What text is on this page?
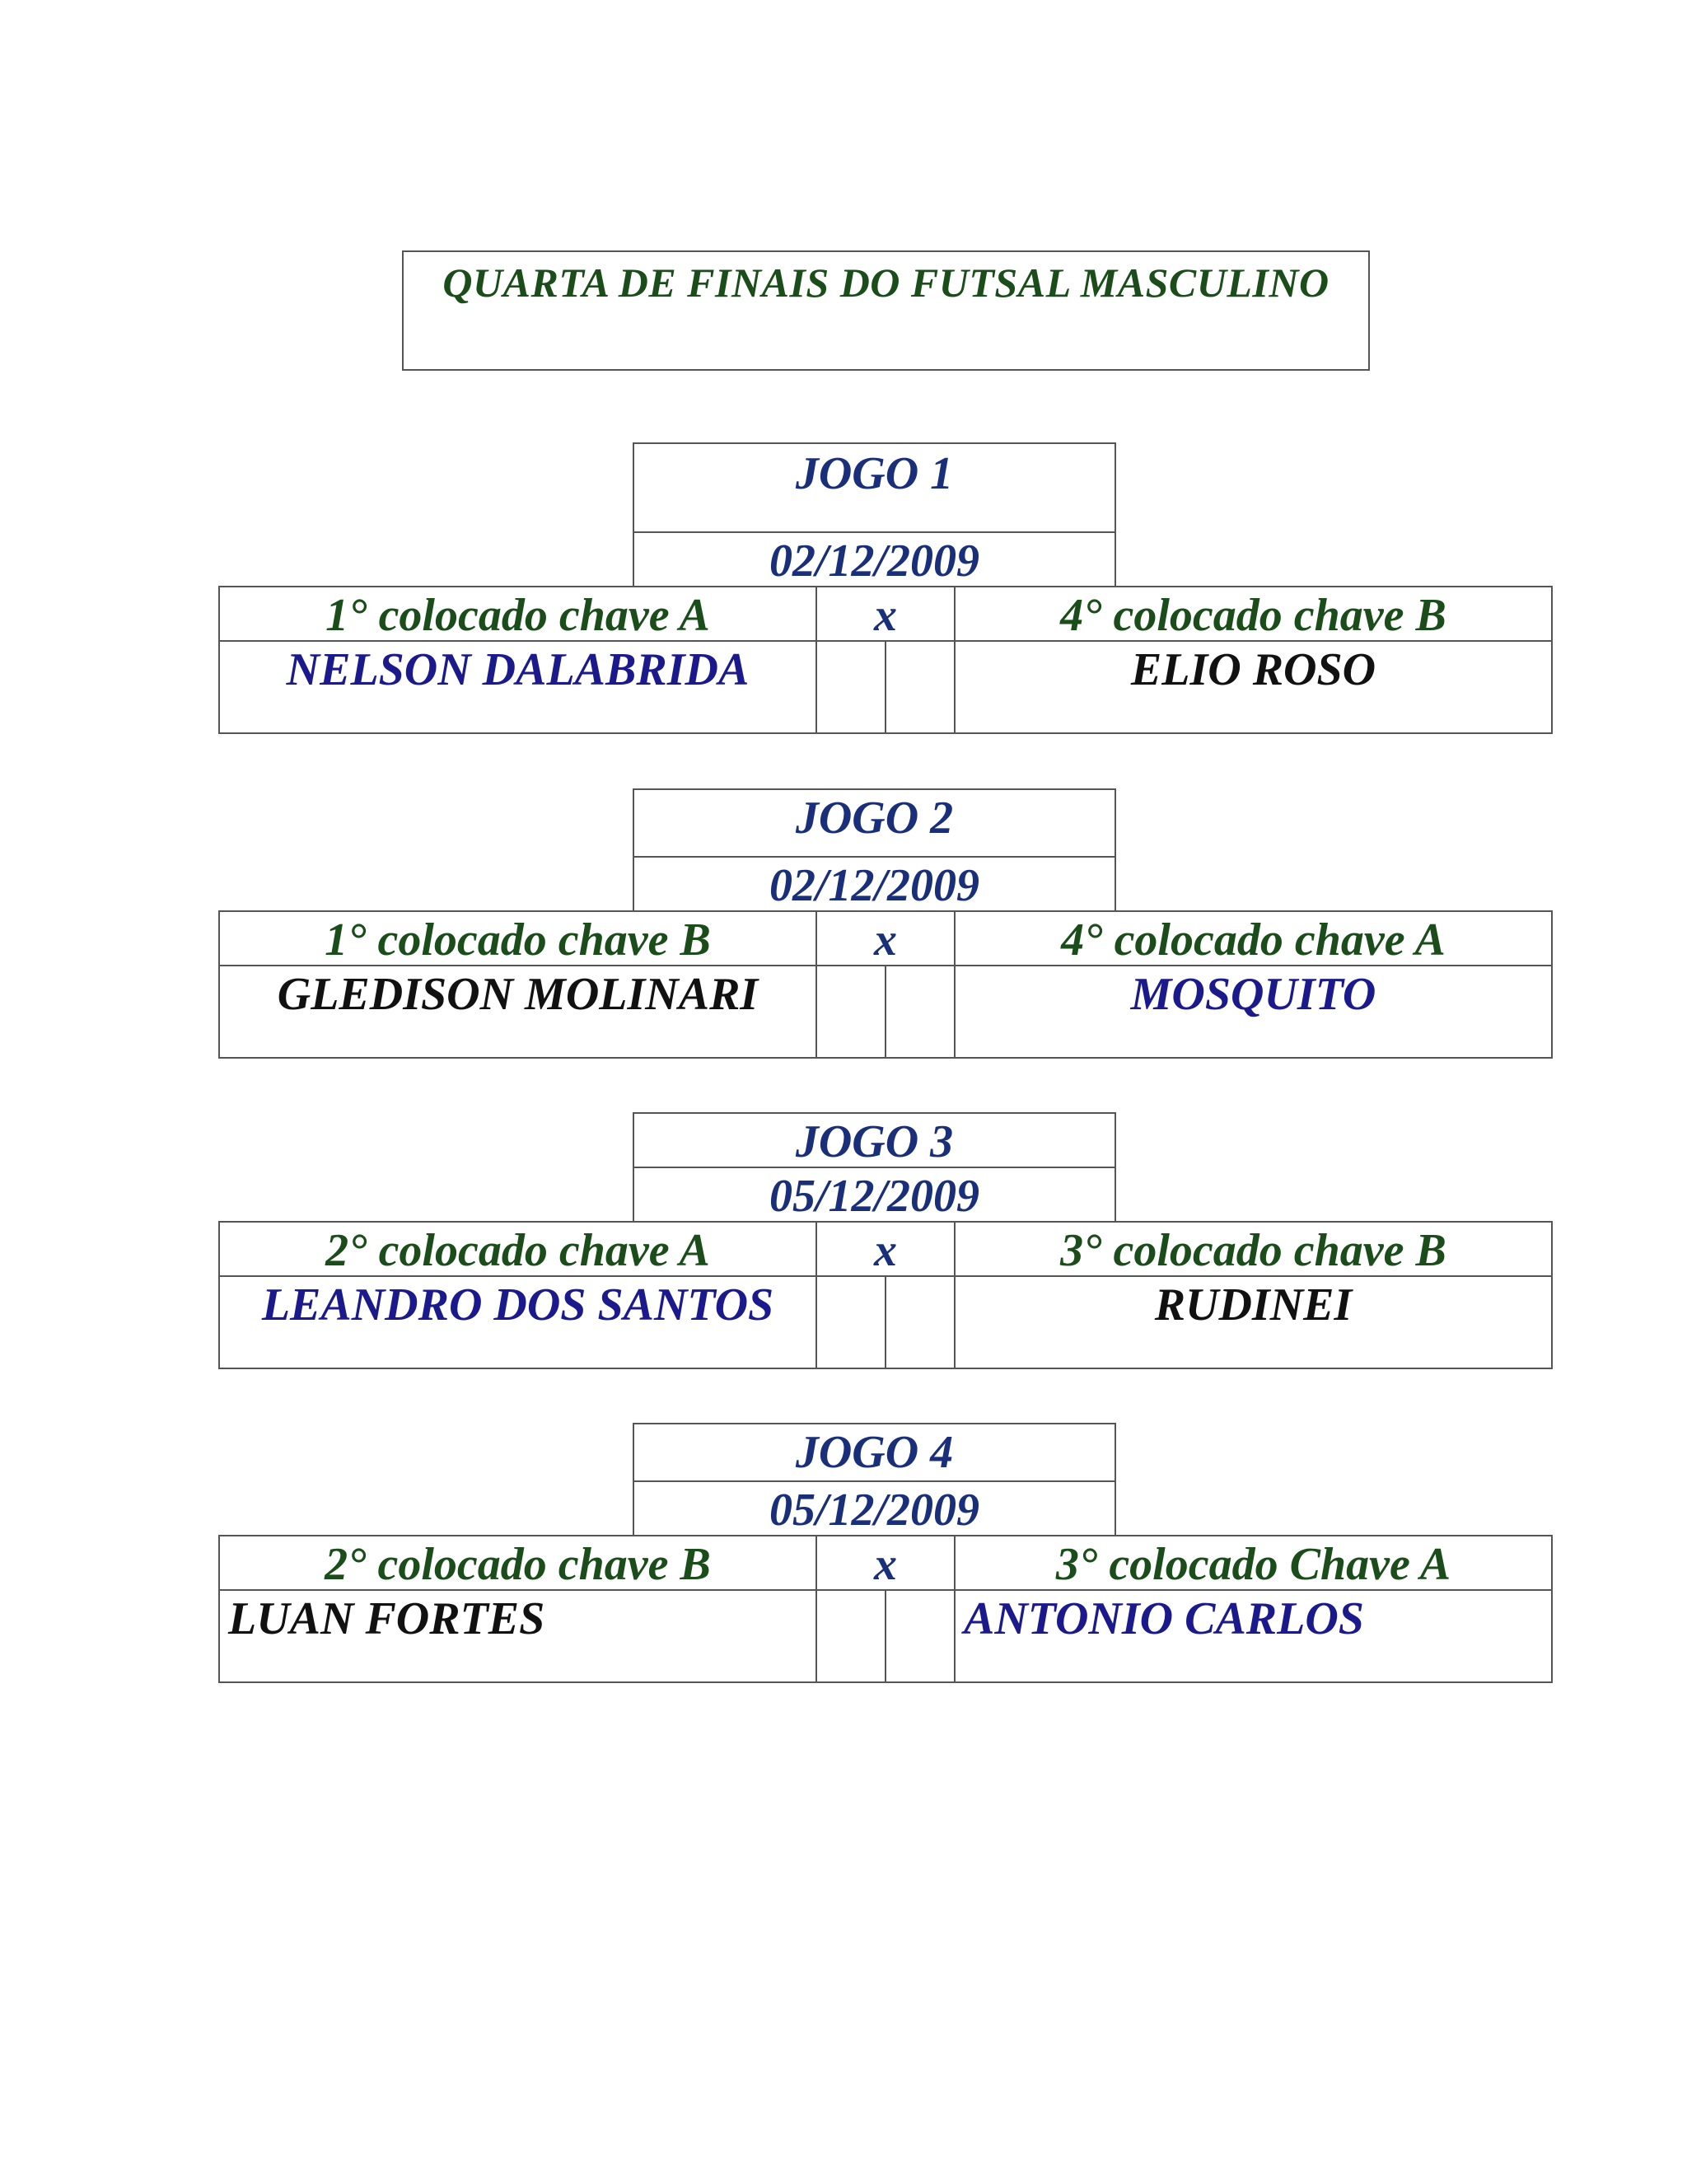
QUARTA DE FINAIS DO FUTSAL MASCULINO
JOGO 1
02/12/2009
1° colocado chave A	x	4° colocado chave B
NELSON DALABRIDA	ELIO ROSO
JOGO 2
02/12/2009
1° colocado chave B	x	4° colocado chave A
GLEDISON MOLINARI	MOSQUITO
JOGO 3
05/12/2009
2° colocado chave A	x	3° colocado chave B
LEANDRO DOS SANTOS	RUDINEI
JOGO 4
05/12/2009
2° colocado chave B	x	3° colocado Chave A
LUAN FORTES	ANTONIO CARLOS
